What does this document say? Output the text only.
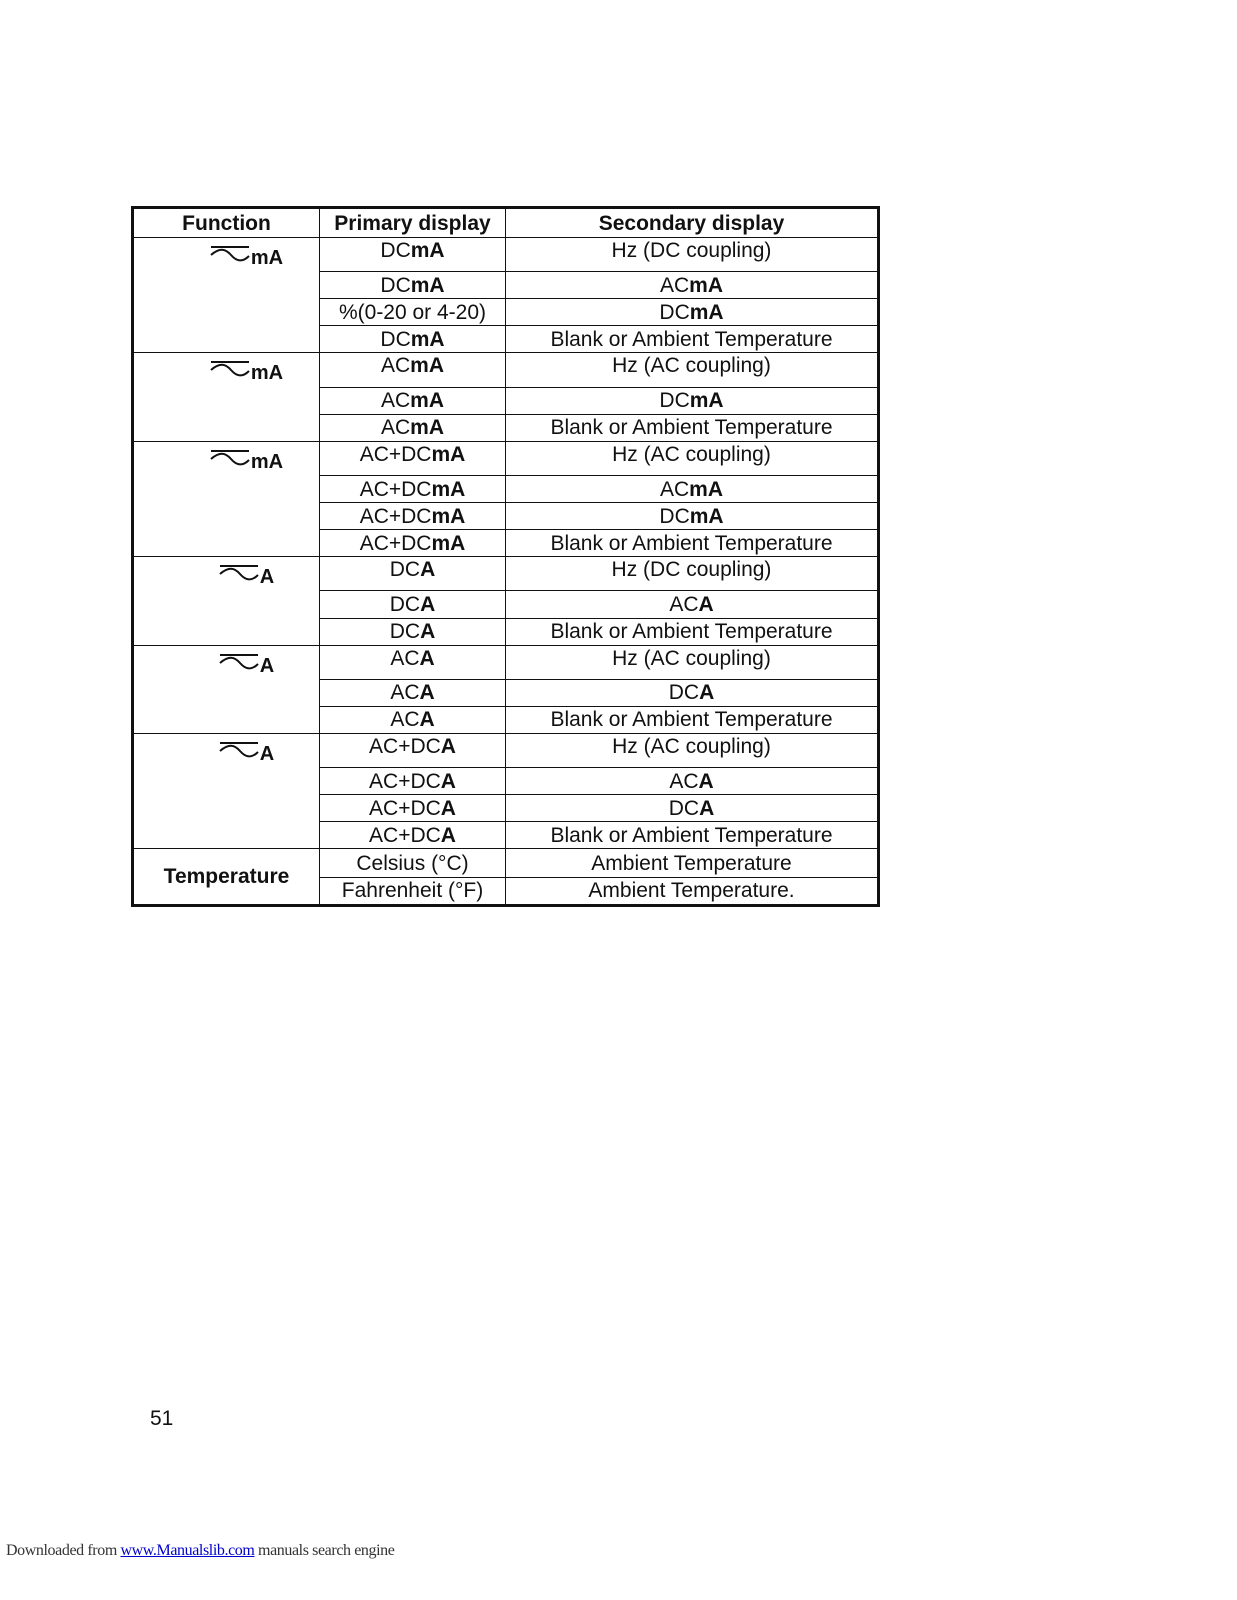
Function	Primary display	Secondary display

mA	DCmA	Hz (DC coupling)
	DCmA	ACmA
	%(0-20 or 4-20)	DCmA
	DCmA	Blank or Ambient Temperature

mA	ACmA	Hz (AC coupling)
	ACmA	DCmA
	ACmA	Blank or Ambient Temperature

mA	AC+DCmA	Hz (AC coupling)
	AC+DCmA	ACmA
	AC+DCmA	DCmA
	AC+DCmA	Blank or Ambient Temperature

A	DCA	Hz (DC coupling)
	DCA	ACA
	DCA	Blank or Ambient Temperature

A	ACA	Hz (AC coupling)
	ACA	DCA
	ACA	Blank or Ambient Temperature

A	AC+DCA	Hz (AC coupling)
	AC+DCA	ACA
	AC+DCA	DCA
	AC+DCA	Blank or Ambient Temperature
Temperature	Celsius (°C)	Ambient Temperature
	Fahrenheit (°F)	Ambient Temperature.
51
Downloaded from www.Manualslib.com manuals search engine
